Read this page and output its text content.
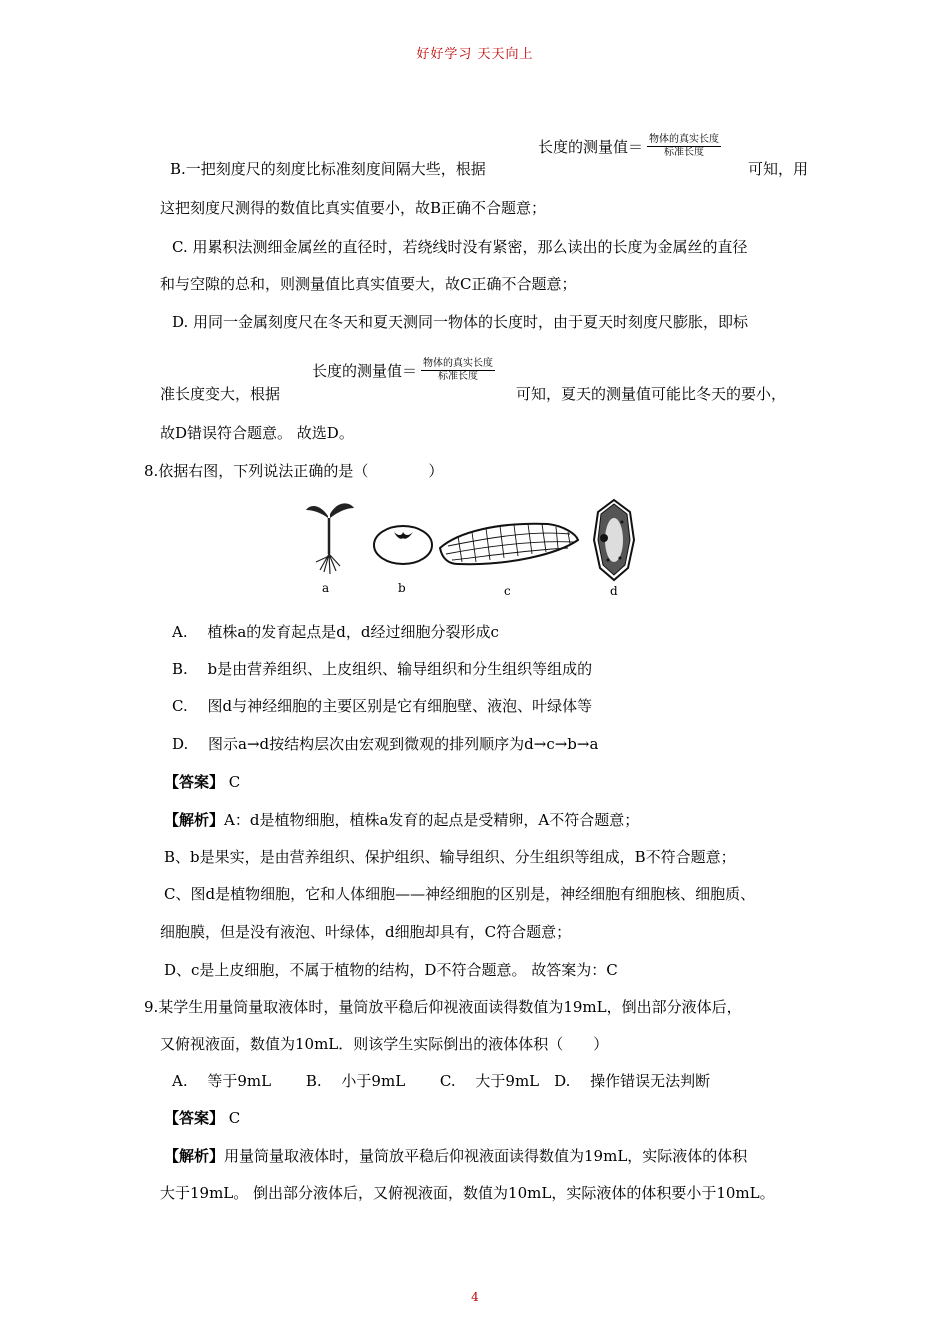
好好学习 天天向上
长度的测量值＝ $\frac{\text{物体的真实长度}}{\text{标准长度}}$
B.一把刻度尺的刻度比标准刻度间隔大些，根据	可知，用
这把刻度尺测得的数值比真实值要小，故B正确不合题意；
C. 用累积法测细金属丝的直径时，若绕线时没有紧密，那么读出的长度为金属丝的直径
和与空隙的总和，则测量值比真实值要大，故C正确不合题意；
D. 用同一金属刻度尺在冬天和夏天测同一物体的长度时，由于夏天时刻度尺膨胀，即标
长度的测量值＝ $\frac{\text{物体的真实长度}}{\text{标准长度}}$
准长度变大，根据	可知，夏天的测量值可能比冬天的要小，
故D错误符合题意。 故选D。
8.依据右图，下列说法正确的是（　　　　）
a	b	c	d
A.　 植株a的发育起点是d，d经过细胞分裂形成c
B.　 b是由营养组织、上皮组织、输导组织和分生组织等组成的
C.　 图d与神经细胞的主要区别是它有细胞壁、液泡、叶绿体等
D.　 图示a→d按结构层次由宏观到微观的排列顺序为d→c→b→a
【答案】 C
【解析】A：d是植物细胞，植株a发育的起点是受精卵，A不符合题意；
B、b是果实，是由营养组织、保护组织、输导组织、分生组织等组成，B不符合题意；
C、图d是植物细胞，它和人体细胞——神经细胞的区别是，神经细胞有细胞核、细胞质、
细胞膜，但是没有液泡、叶绿体，d细胞却具有，C符合题意；
D、c是上皮细胞，不属于植物的结构，D不符合题意。 故答案为：C
9.某学生用量筒量取液体时，量筒放平稳后仰视液面读得数值为19mL，倒出部分液体后，
又俯视液面，数值为10mL．则该学生实际倒出的液体体积（　　）
A.　 等于9mL　　 B.　 小于9mL　　 C.　 大于9mL　D.　 操作错误无法判断
【答案】 C
【解析】用量筒量取液体时，量筒放平稳后仰视液面读得数值为19mL，实际液体的体积
大于19mL。 倒出部分液体后，又俯视液面，数值为10mL，实际液体的体积要小于10mL。
4
